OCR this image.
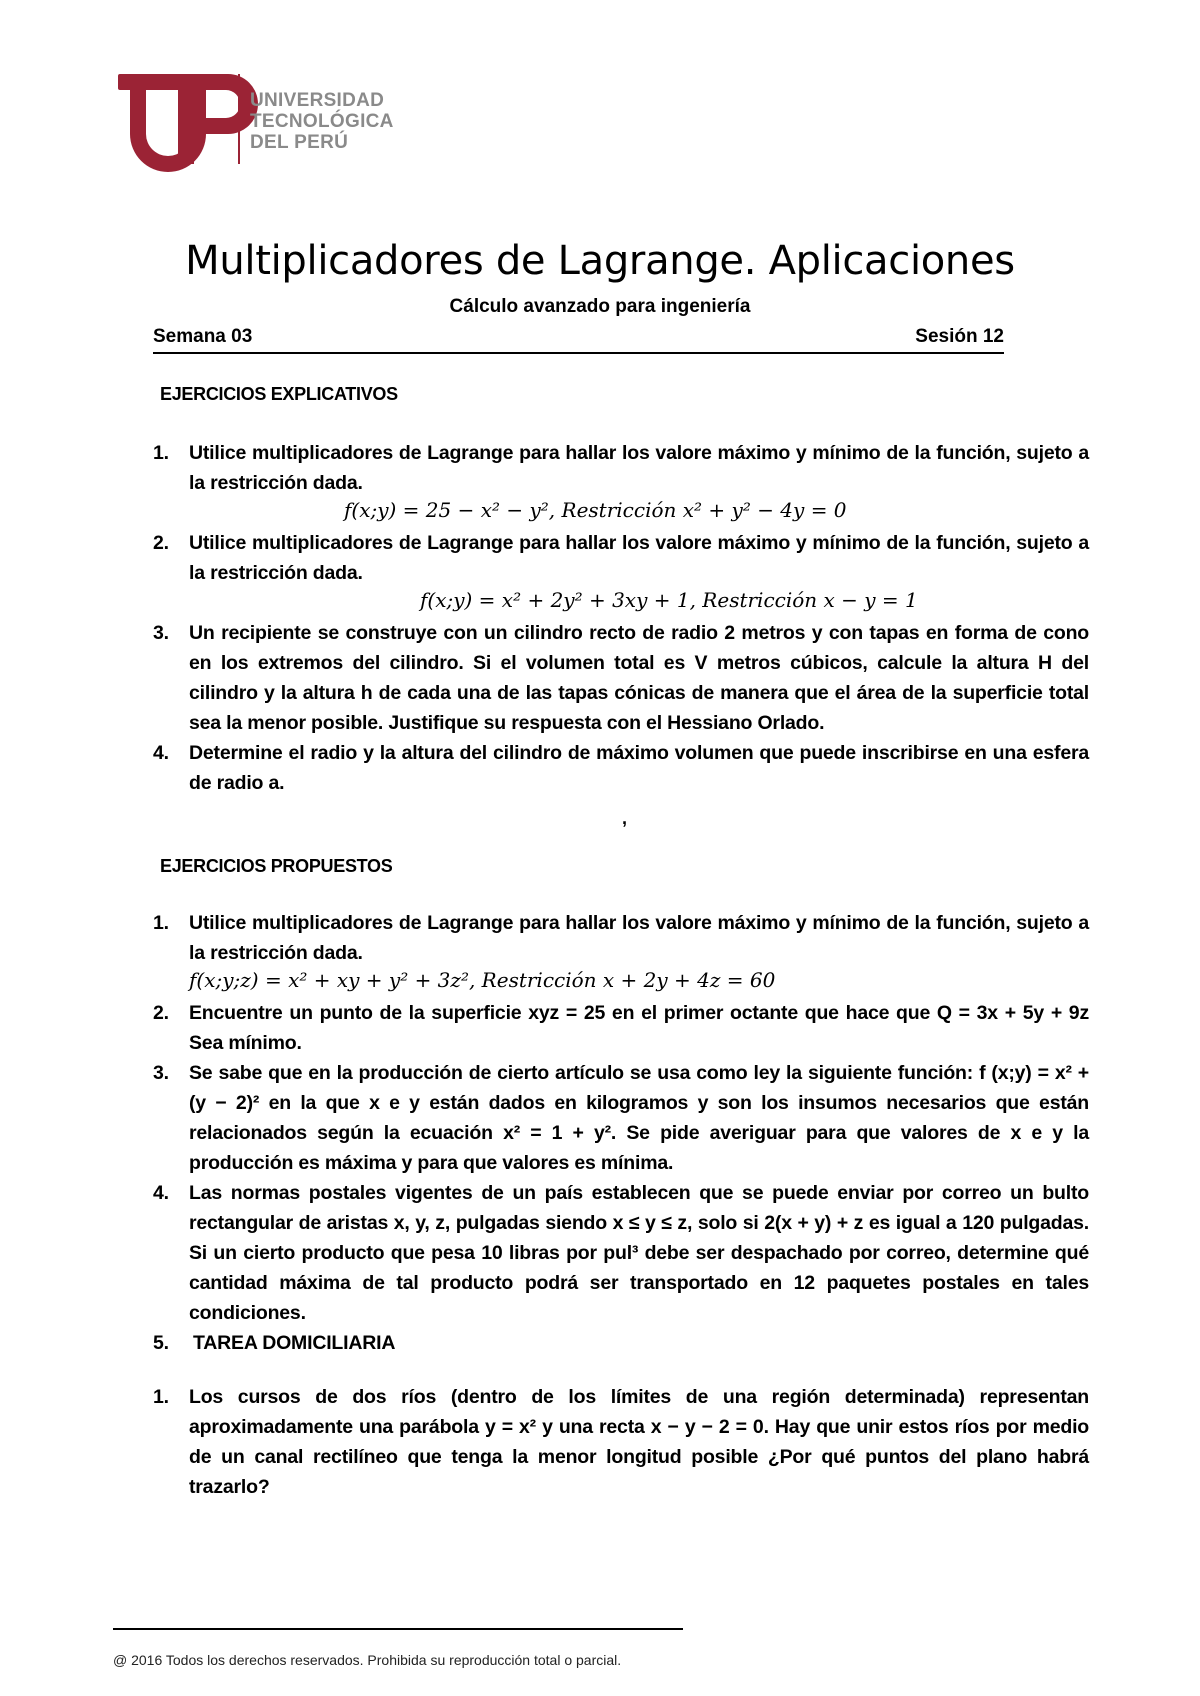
UNIVERSIDAD
TECNOLÓGICA
DEL PERÚ
Multiplicadores de Lagrange. Aplicaciones
Cálculo avanzado para ingeniería
Semana 03	Sesión 12
EJERCICIOS EXPLICATIVOS
1.	Utilice multiplicadores de Lagrange para hallar los valore máximo y mínimo de la función, sujeto a la restricción dada.
f(x;y) = 25 − x² − y², Restricción x² + y² − 4y = 0
2.	Utilice multiplicadores de Lagrange para hallar los valore máximo y mínimo de la función, sujeto a la restricción dada.
f(x;y) = x² + 2y² + 3xy + 1, Restricción x − y = 1
3.	Un recipiente se construye con un cilindro recto de radio 2 metros y con tapas en forma de cono en los extremos del cilindro. Si el volumen total es V metros cúbicos, calcule la altura H del cilindro y la altura h de cada una de las tapas cónicas de manera que el área de la superficie total sea la menor posible. Justifique su respuesta con el Hessiano Orlado.
4.	Determine el radio y la altura del cilindro de máximo volumen que puede inscribirse en una esfera de radio a.
,
EJERCICIOS PROPUESTOS
1.	Utilice multiplicadores de Lagrange para hallar los valore máximo y mínimo de la función, sujeto a la restricción dada.
f(x;y;z) = x² + xy + y² + 3z², Restricción x + 2y + 4z = 60
2.	Encuentre un punto de la superficie xyz = 25 en el primer octante que hace que Q = 3x + 5y + 9z Sea mínimo.
3.	Se sabe que en la producción de cierto artículo se usa como ley la siguiente función: f (x;y) = x² + (y − 2)² en la que x e y están dados en kilogramos y son los insumos necesarios que están relacionados según la ecuación x² = 1 + y². Se pide averiguar para que valores de x e y la producción es máxima y para que valores es mínima.
4.	Las normas postales vigentes de un país establecen que se puede enviar por correo un bulto rectangular de aristas x, y, z, pulgadas siendo x ≤ y ≤ z, solo si 2(x + y) + z es igual a 120 pulgadas. Si un cierto producto que pesa 10 libras por pul³ debe ser despachado por correo, determine qué cantidad máxima de tal producto podrá ser transportado en 12 paquetes postales en tales condiciones.
5.	TAREA DOMICILIARIA
1.	Los cursos de dos ríos (dentro de los límites de una región determinada) representan aproximadamente una parábola y = x² y una recta x − y − 2 = 0. Hay que unir estos ríos por medio de un canal rectilíneo que tenga la menor longitud posible ¿Por qué puntos del plano habrá trazarlo?
@ 2016 Todos los derechos reservados. Prohibida su reproducción total o parcial.
